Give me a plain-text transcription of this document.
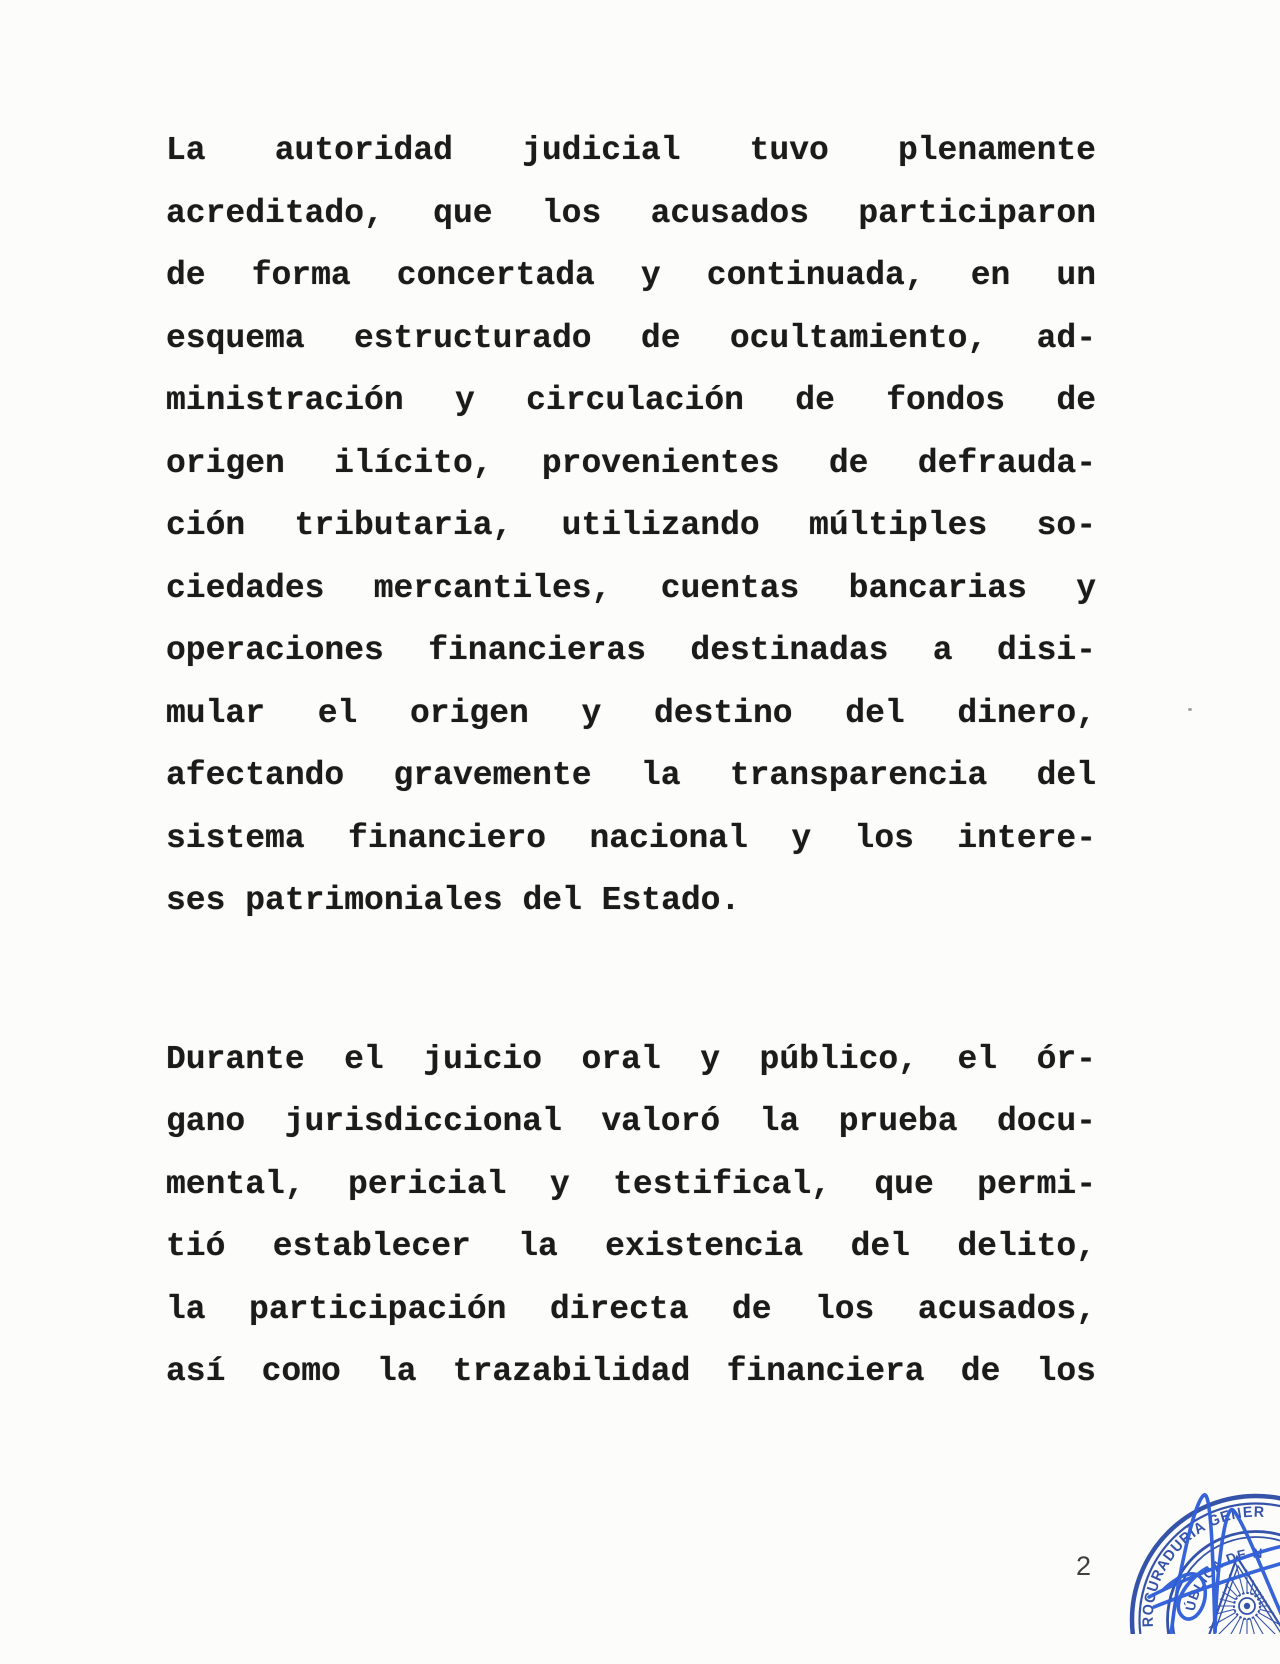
La autoridad judicial tuvo plenamente
acreditado, que los acusados participaron
de forma concertada y continuada, en un
esquema estructurado de ocultamiento, ad-
ministración y circulación de fondos de
origen ilícito, provenientes de defrauda-
ción tributaria, utilizando múltiples so-
ciedades mercantiles, cuentas bancarias y
operaciones financieras destinadas a disi-
mular el origen y destino del dinero,
afectando gravemente la transparencia del
sistema financiero nacional y los intere-
ses patrimoniales del Estado.
Durante el juicio oral y público, el ór-
gano jurisdiccional valoró la prueba docu-
mental, pericial y testifical, que permi-
tió establecer la existencia del delito,
la participación directa de los acusados,
así como la trazabilidad financiera de los
2
ROCURADURÍA GENER
ÚBLICA DE N
